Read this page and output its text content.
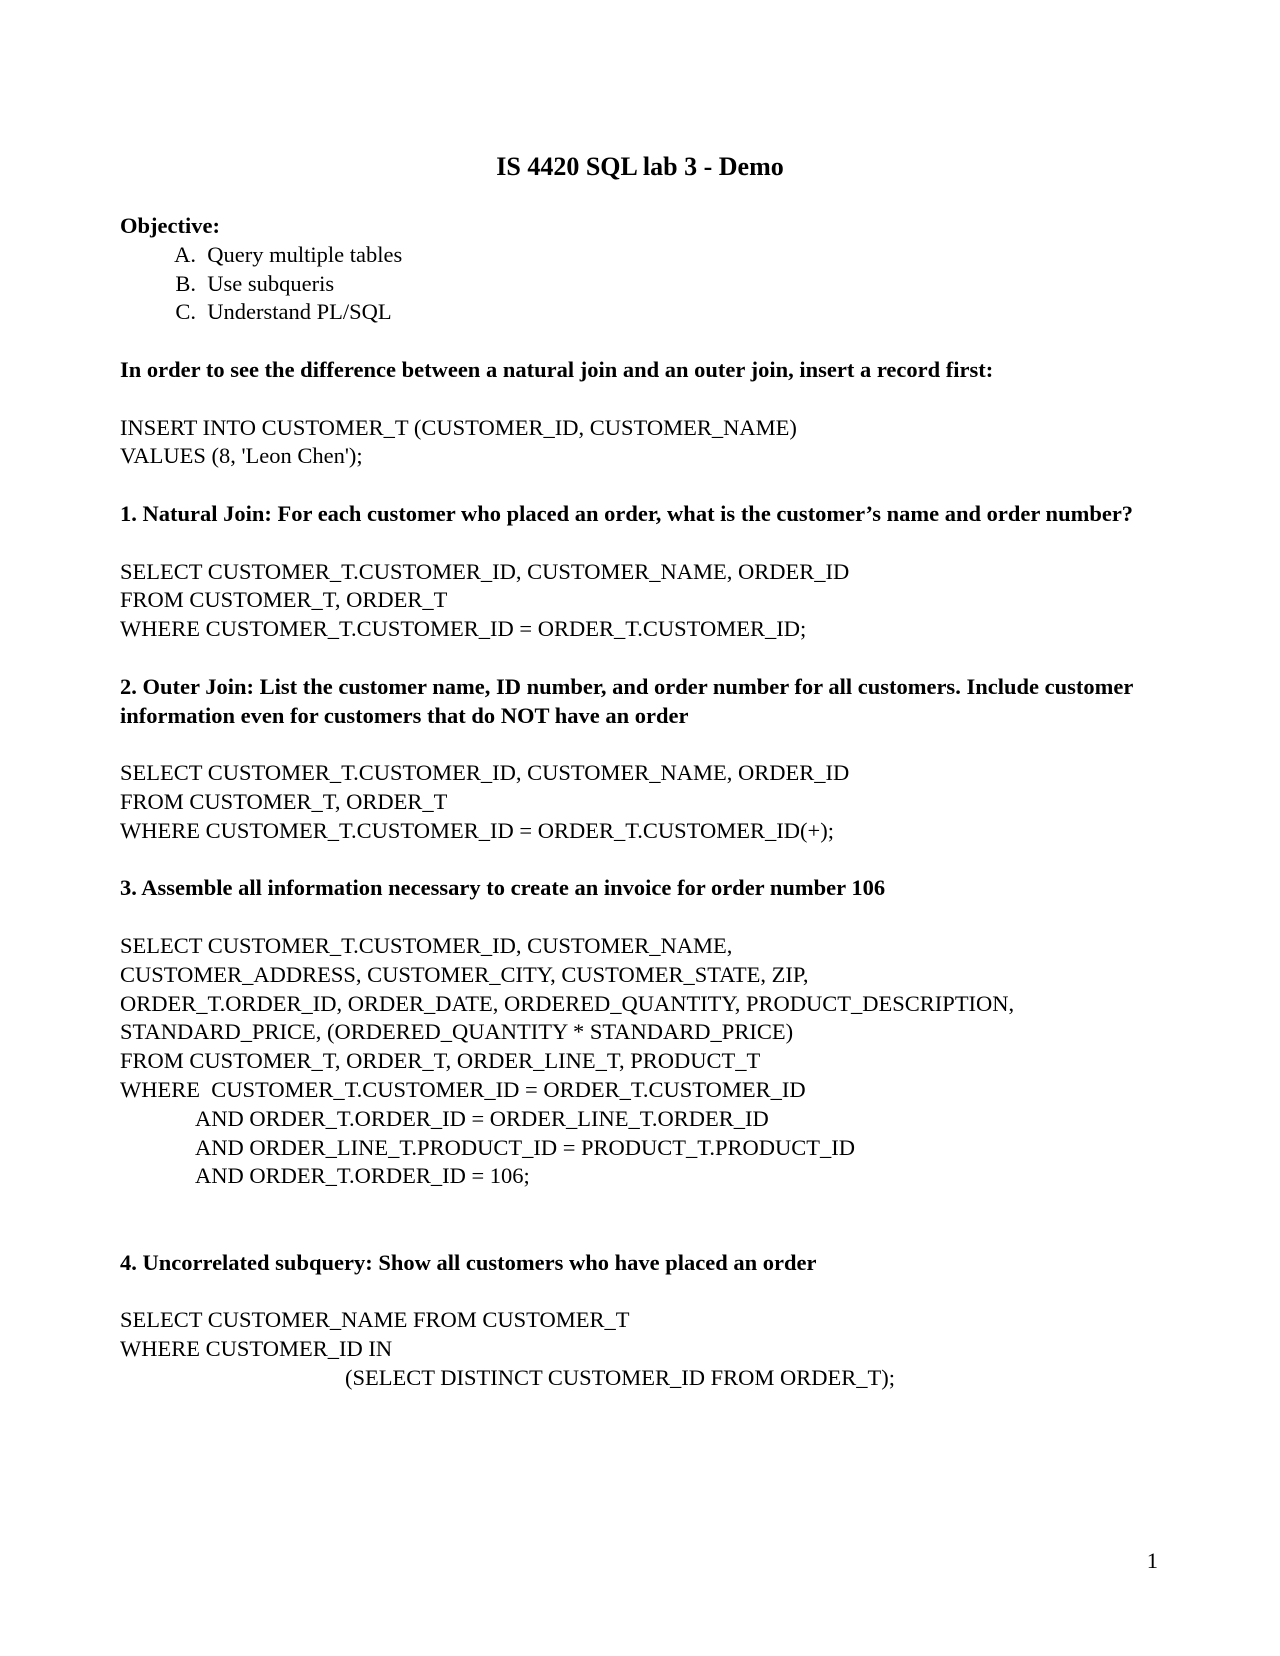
IS 4420 SQL lab 3 - Demo
Objective:
A. Query multiple tables
B. Use subqueris
C. Understand PL/SQL
In order to see the difference between a natural join and an outer join, insert a record first:
INSERT INTO CUSTOMER_T (CUSTOMER_ID, CUSTOMER_NAME)
VALUES (8, 'Leon Chen');
1. Natural Join: For each customer who placed an order, what is the customer’s name and order number?
SELECT CUSTOMER_T.CUSTOMER_ID, CUSTOMER_NAME, ORDER_ID
FROM CUSTOMER_T, ORDER_T
WHERE CUSTOMER_T.CUSTOMER_ID = ORDER_T.CUSTOMER_ID;
2. Outer Join: List the customer name, ID number, and order number for all customers. Include customer information even for customers that do NOT have an order
SELECT CUSTOMER_T.CUSTOMER_ID, CUSTOMER_NAME, ORDER_ID
FROM CUSTOMER_T, ORDER_T
WHERE CUSTOMER_T.CUSTOMER_ID = ORDER_T.CUSTOMER_ID(+);
3. Assemble all information necessary to create an invoice for order number 106
SELECT CUSTOMER_T.CUSTOMER_ID, CUSTOMER_NAME,
CUSTOMER_ADDRESS, CUSTOMER_CITY, CUSTOMER_STATE, ZIP,
ORDER_T.ORDER_ID, ORDER_DATE, ORDERED_QUANTITY, PRODUCT_DESCRIPTION,
STANDARD_PRICE, (ORDERED_QUANTITY * STANDARD_PRICE)
FROM CUSTOMER_T, ORDER_T, ORDER_LINE_T, PRODUCT_T
WHERE  CUSTOMER_T.CUSTOMER_ID = ORDER_T.CUSTOMER_ID
AND ORDER_T.ORDER_ID = ORDER_LINE_T.ORDER_ID
AND ORDER_LINE_T.PRODUCT_ID = PRODUCT_T.PRODUCT_ID
AND ORDER_T.ORDER_ID = 106;
4. Uncorrelated subquery: Show all customers who have placed an order
SELECT CUSTOMER_NAME FROM CUSTOMER_T
WHERE CUSTOMER_ID IN
(SELECT DISTINCT CUSTOMER_ID FROM ORDER_T);
1
